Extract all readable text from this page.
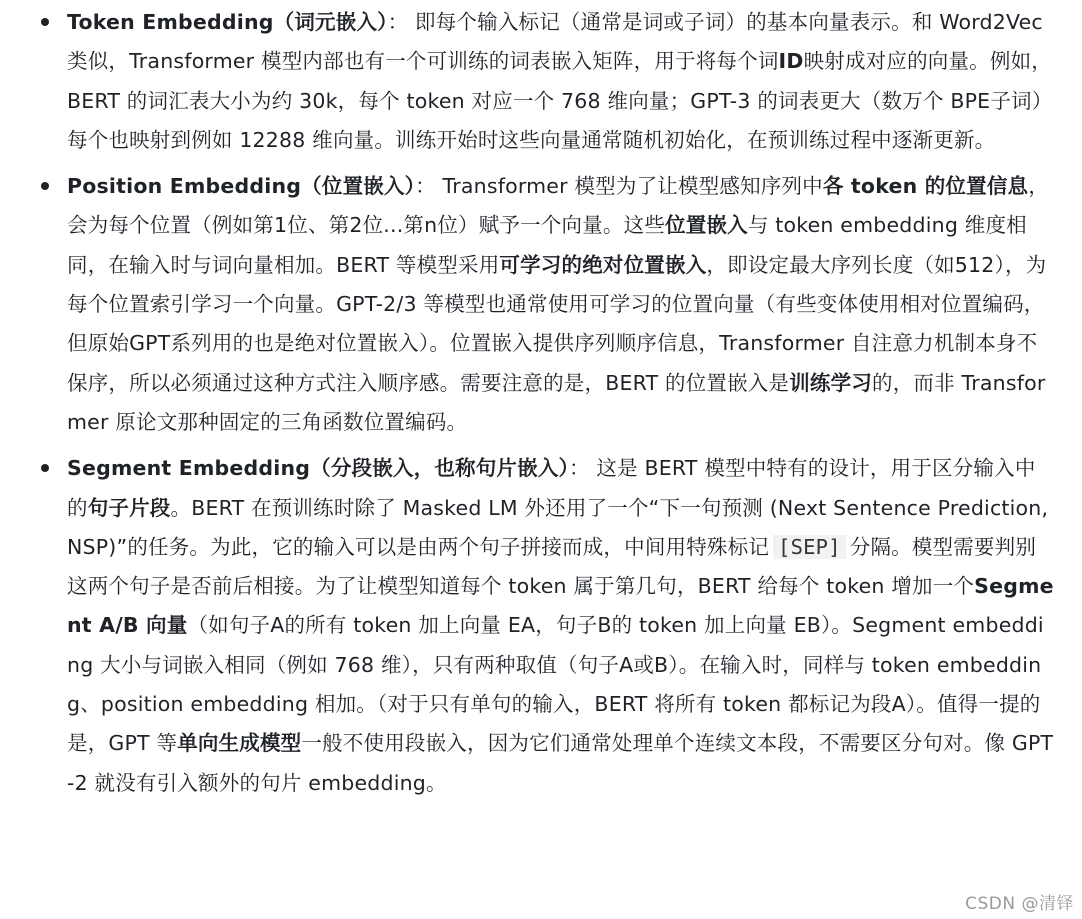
Token Embedding（词元嵌入）： 即每个输入标记（通常是词或子词）的基本向量表示。和 Word2Vec 类似，Transformer 模型内部也有一个可训练的词表嵌入矩阵，用于将每个词ID映射成对应的向量。例如，BERT 的词汇表大小为约 30k，每个 token 对应一个 768 维向量；GPT-3 的词表更大（数万个 BPE子词）每个也映射到例如 12288 维向量。训练开始时这些向量通常随机初始化，在预训练过程中逐渐更新。
Position Embedding（位置嵌入）： Transformer 模型为了让模型感知序列中各 token 的位置信息，会为每个位置（例如第1位、第2位...第n位）赋予一个向量。这些位置嵌入与 token embedding 维度相同，在输入时与词向量相加。BERT 等模型采用可学习的绝对位置嵌入，即设定最大序列长度（如512），为每个位置索引学习一个向量。GPT-2/3 等模型也通常使用可学习的位置向量（有些变体使用相对位置编码，但原始GPT系列用的也是绝对位置嵌入）。位置嵌入提供序列顺序信息，Transformer 自注意力机制本身不保序，所以必须通过这种方式注入顺序感。需要注意的是，BERT 的位置嵌入是训练学习的，而非 Transformer 原论文那种固定的三角函数位置编码。
Segment Embedding（分段嵌入，也称句片嵌入）： 这是 BERT 模型中特有的设计，用于区分输入中的句子片段。BERT 在预训练时除了 Masked LM 外还用了一个“下一句预测 (Next Sentence Prediction, NSP)”的任务。为此，它的输入可以是由两个句子拼接而成，中间用特殊标记 [SEP] 分隔。模型需要判别这两个句子是否前后相接。为了让模型知道每个 token 属于第几句，BERT 给每个 token 增加一个Segment A/B 向量（如句子A的所有 token 加上向量 EA，句子B的 token 加上向量 EB）。Segment embedding 大小与词嵌入相同（例如 768 维），只有两种取值（句子A或B）。在输入时，同样与 token embedding、position embedding 相加。（对于只有单句的输入，BERT 将所有 token 都标记为段A）。值得一提的是，GPT 等单向生成模型一般不使用段嵌入，因为它们通常处理单个连续文本段，不需要区分句对。像 GPT-2 就没有引入额外的句片 embedding。
CSDN @清铎
